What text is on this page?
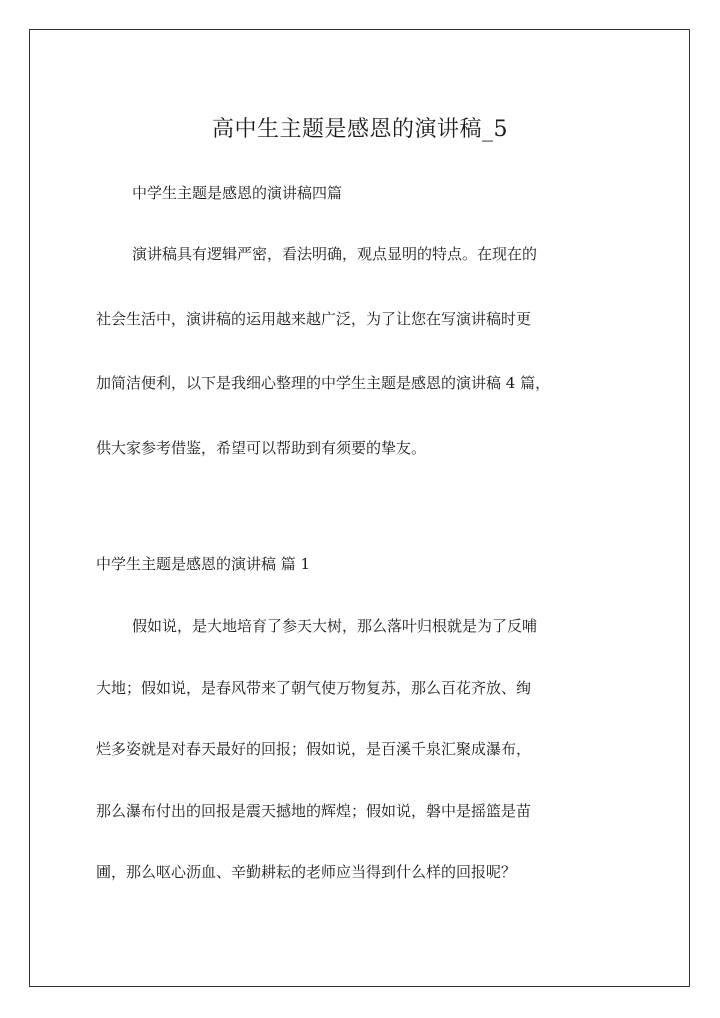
高中生主题是感恩的演讲稿_5
中学生主题是感恩的演讲稿四篇
演讲稿具有逻辑严密，看法明确，观点显明的特点。在现在的
社会生活中，演讲稿的运用越来越广泛，为了让您在写演讲稿时更
加简洁便利，以下是我细心整理的中学生主题是感恩的演讲稿 4 篇，
供大家参考借鉴，希望可以帮助到有须要的挚友。
中学生主题是感恩的演讲稿 篇 1
假如说，是大地培育了参天大树，那么落叶归根就是为了反哺
大地；假如说，是春风带来了朝气使万物复苏，那么百花齐放、绚
烂多姿就是对春天最好的回报；假如说，是百溪千泉汇聚成瀑布，
那么瀑布付出的回报是震天撼地的辉煌；假如说，磐中是摇篮是苗
圃，那么呕心沥血、辛勤耕耘的老师应当得到什么样的回报呢？
